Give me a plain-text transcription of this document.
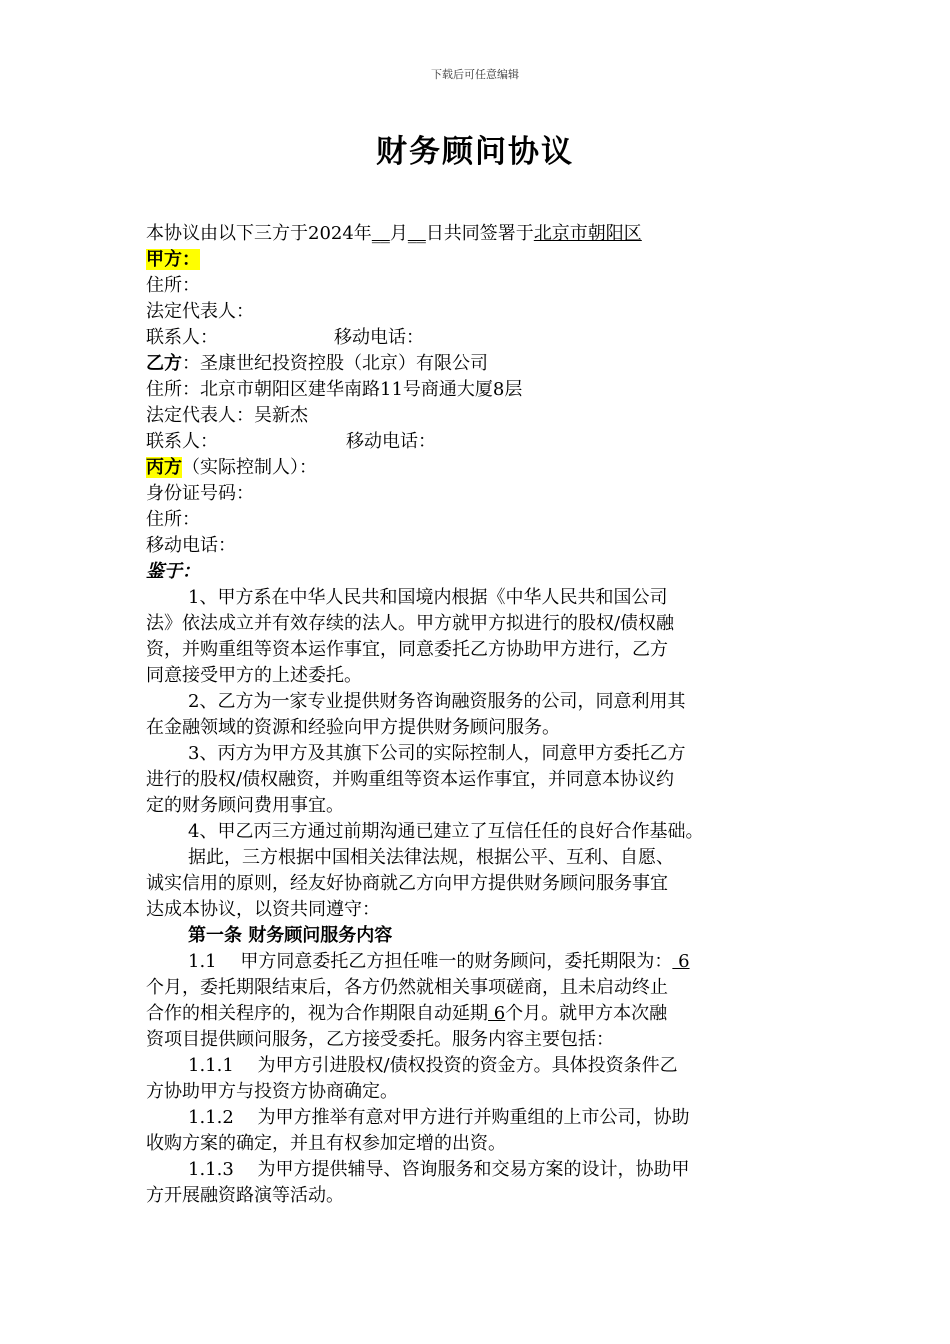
下载后可任意编辑
财务顾问协议

本协议由以下三方于2024年__月__日共同签署于北京市朝阳区

甲方：

住所：

法定代表人：

联系人：	移动电话：

乙方：圣康世纪投资控股（北京）有限公司

住所：北京市朝阳区建华南路11号商通大厦8层

法定代表人：吴新杰

联系人：	移动电话：

丙方（实际控制人）：

身份证号码：

住所：

移动电话：

鉴于：

1、甲方系在中华人民共和国境内根据《中华人民共和国公司

法》依法成立并有效存续的法人。甲方就甲方拟进行的股权/债权融

资，并购重组等资本运作事宜，同意委托乙方协助甲方进行，乙方

同意接受甲方的上述委托。

2、乙方为一家专业提供财务咨询融资服务的公司，同意利用其

在金融领域的资源和经验向甲方提供财务顾问服务。

3、丙方为甲方及其旗下公司的实际控制人，同意甲方委托乙方

进行的股权/债权融资，并购重组等资本运作事宜，并同意本协议约

定的财务顾问费用事宜。

4、甲乙丙三方通过前期沟通已建立了互信任任的良好合作基础。

据此，三方根据中国相关法律法规，根据公平、互利、自愿、

诚实信用的原则，经友好协商就乙方向甲方提供财务顾问服务事宜

达成本协议，以资共同遵守：

第一条 财务顾问服务内容

1.1　 甲方同意委托乙方担任唯一的财务顾问，委托期限为： 6

个月，委托期限结束后，各方仍然就相关事项磋商，且未启动终止

合作的相关程序的，视为合作期限自动延期 6个月。就甲方本次融

资项目提供顾问服务，乙方接受委托。服务内容主要包括：

1.1.1　 为甲方引进股权/债权投资的资金方。具体投资条件乙

方协助甲方与投资方协商确定。

1.1.2　 为甲方推举有意对甲方进行并购重组的上市公司，协助

收购方案的确定，并且有权参加定增的出资。

1.1.3　 为甲方提供辅导、咨询服务和交易方案的设计，协助甲

方开展融资路演等活动。
